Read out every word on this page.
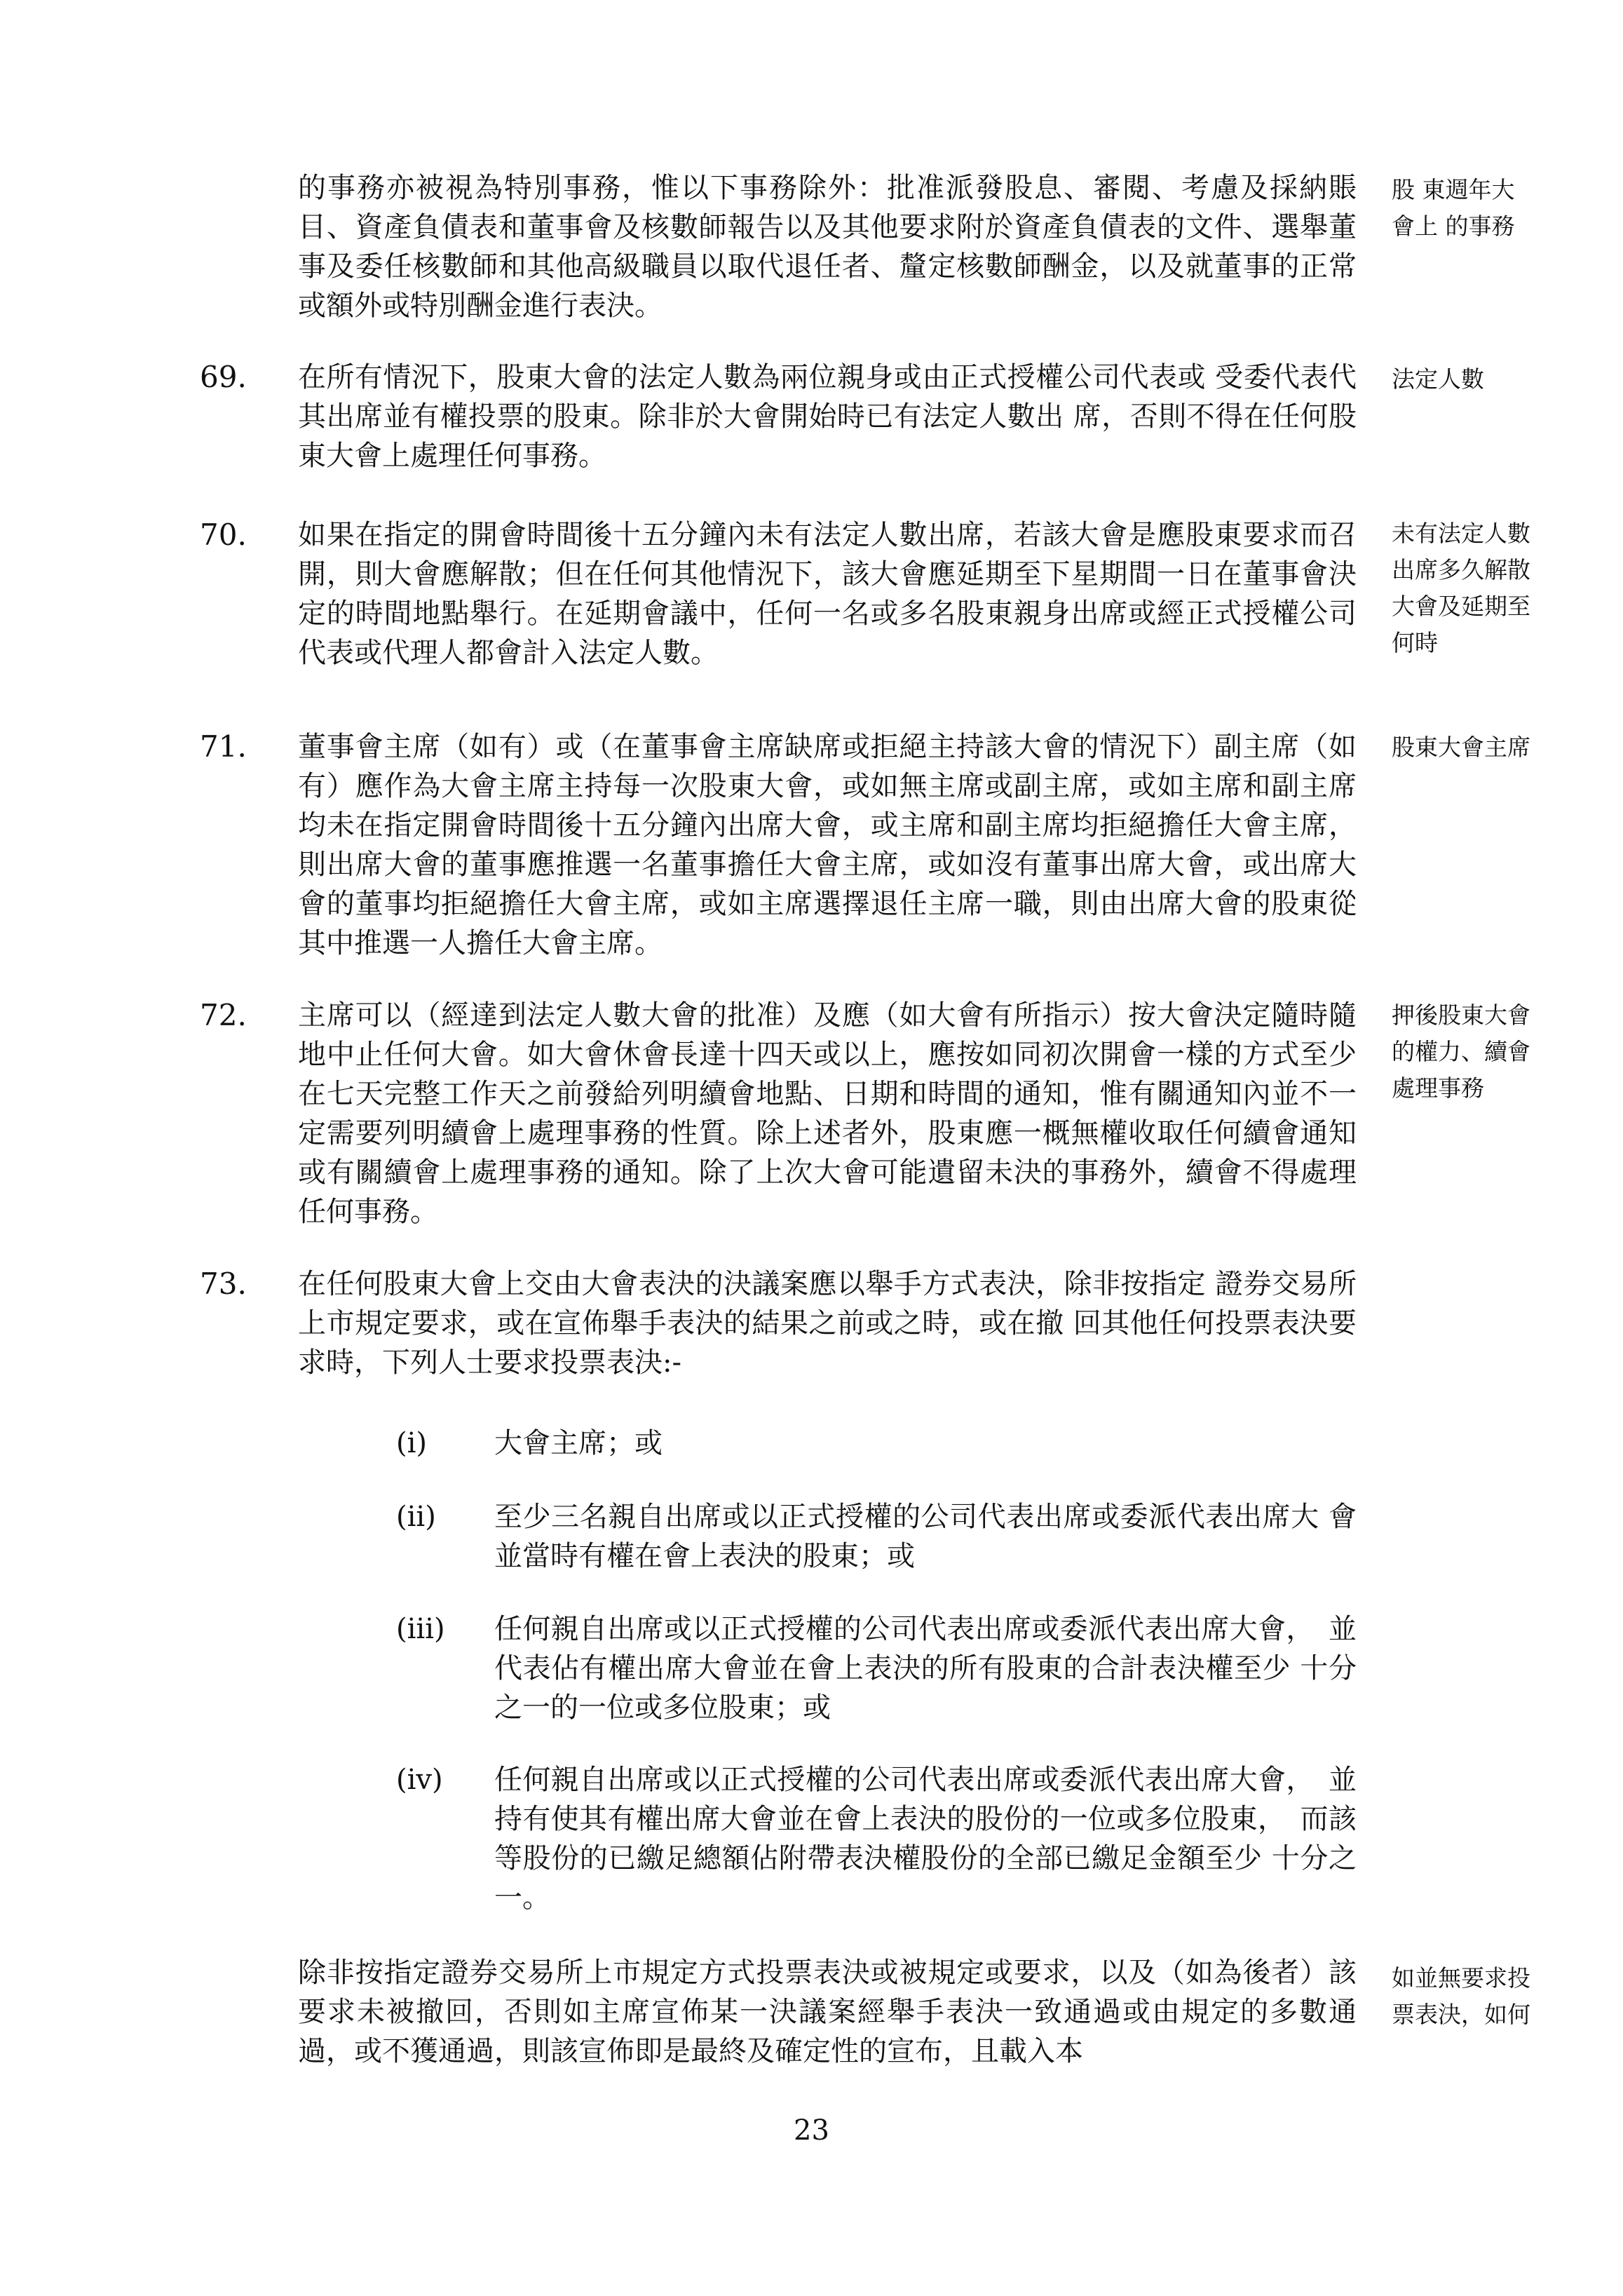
的事務亦被視為特別事務，惟以下事務除外：批准派發股息、審閱、考慮及採納賬目、資產負債表和董事會及核數師報告以及其他要求附於資產負債表的文件、選舉董事及委任核數師和其他高級職員以取代退任者、釐定核數師酬金，以及就董事的正常或額外或特別酬金進行表決。

股 東週年大會上 的事務

69. 在所有情況下，股東大會的法定人數為兩位親身或由正式授權公司代表或 受委代表代其出席並有權投票的股東。除非於大會開始時已有法定人數出 席，否則不得在任何股東大會上處理任何事務。

法定人數

70. 如果在指定的開會時間後十五分鐘內未有法定人數出席，若該大會是應股東要求而召開，則大會應解散；但在任何其他情況下，該大會應延期至下星期間一日在董事會決定的時間地點舉行。在延期會議中，任何一名或多名股東親身出席或經正式授權公司代表或代理人都會計入法定人數。

未有法定人數 出席多久解散 大會及延期至何時

71. 董事會主席（如有）或（在董事會主席缺席或拒絕主持該大會的情況下）副主席（如有）應作為大會主席主持每一次股東大會，或如無主席或副主席，或如主席和副主席均未在指定開會時間後十五分鐘內出席大會，或主席和副主席均拒絕擔任大會主席，則出席大會的董事應推選一名董事擔任大會主席，或如沒有董事出席大會，或出席大會的董事均拒絕擔任大會主席，或如主席選擇退任主席一職，則由出席大會的股東從其中推選一人擔任大會主席。

股東大會主席

72. 主席可以（經達到法定人數大會的批准）及應（如大會有所指示）按大會決定隨時隨地中止任何大會。如大會休會長達十四天或以上，應按如同初次開會一樣的方式至少在七天完整工作天之前發給列明續會地點、日期和時間的通知，惟有關通知內並不一定需要列明續會上處理事務的性質。除上述者外，股東應一概無權收取任何續會通知或有關續會上處理事務的通知。除了上次大會可能遺留未決的事務外，續會不得處理任何事務。

押後股東大會 的權力、續會處理事務

73. 在任何股東大會上交由大會表決的決議案應以舉手方式表決，除非按指定 證券交易所上市規定要求，或在宣佈舉手表決的結果之前或之時，或在撤 回其他任何投票表決要求時，下列人士要求投票表決:-

(i) 大會主席；或

(ii) 至少三名親自出席或以正式授權的公司代表出席或委派代表出席大 會並當時有權在會上表決的股東；或

(iii) 任何親自出席或以正式授權的公司代表出席或委派代表出席大會，　並代表佔有權出席大會並在會上表決的所有股東的合計表決權至少 十分之一的一位或多位股東；或

(iv) 任何親自出席或以正式授權的公司代表出席或委派代表出席大會，　並持有使其有權出席大會並在會上表決的股份的一位或多位股東，　而該等股份的已繳足總額佔附帶表決權股份的全部已繳足金額至少 十分之一。

除非按指定證券交易所上市規定方式投票表決或被規定或要求，以及（如為後者）該要求未被撤回，否則如主席宣佈某一決議案經舉手表決一致通過或由規定的多數通過，或不獲通過，則該宣佈即是最終及確定性的宣布，且載入本

如並無要求投 票表決，如何

23
